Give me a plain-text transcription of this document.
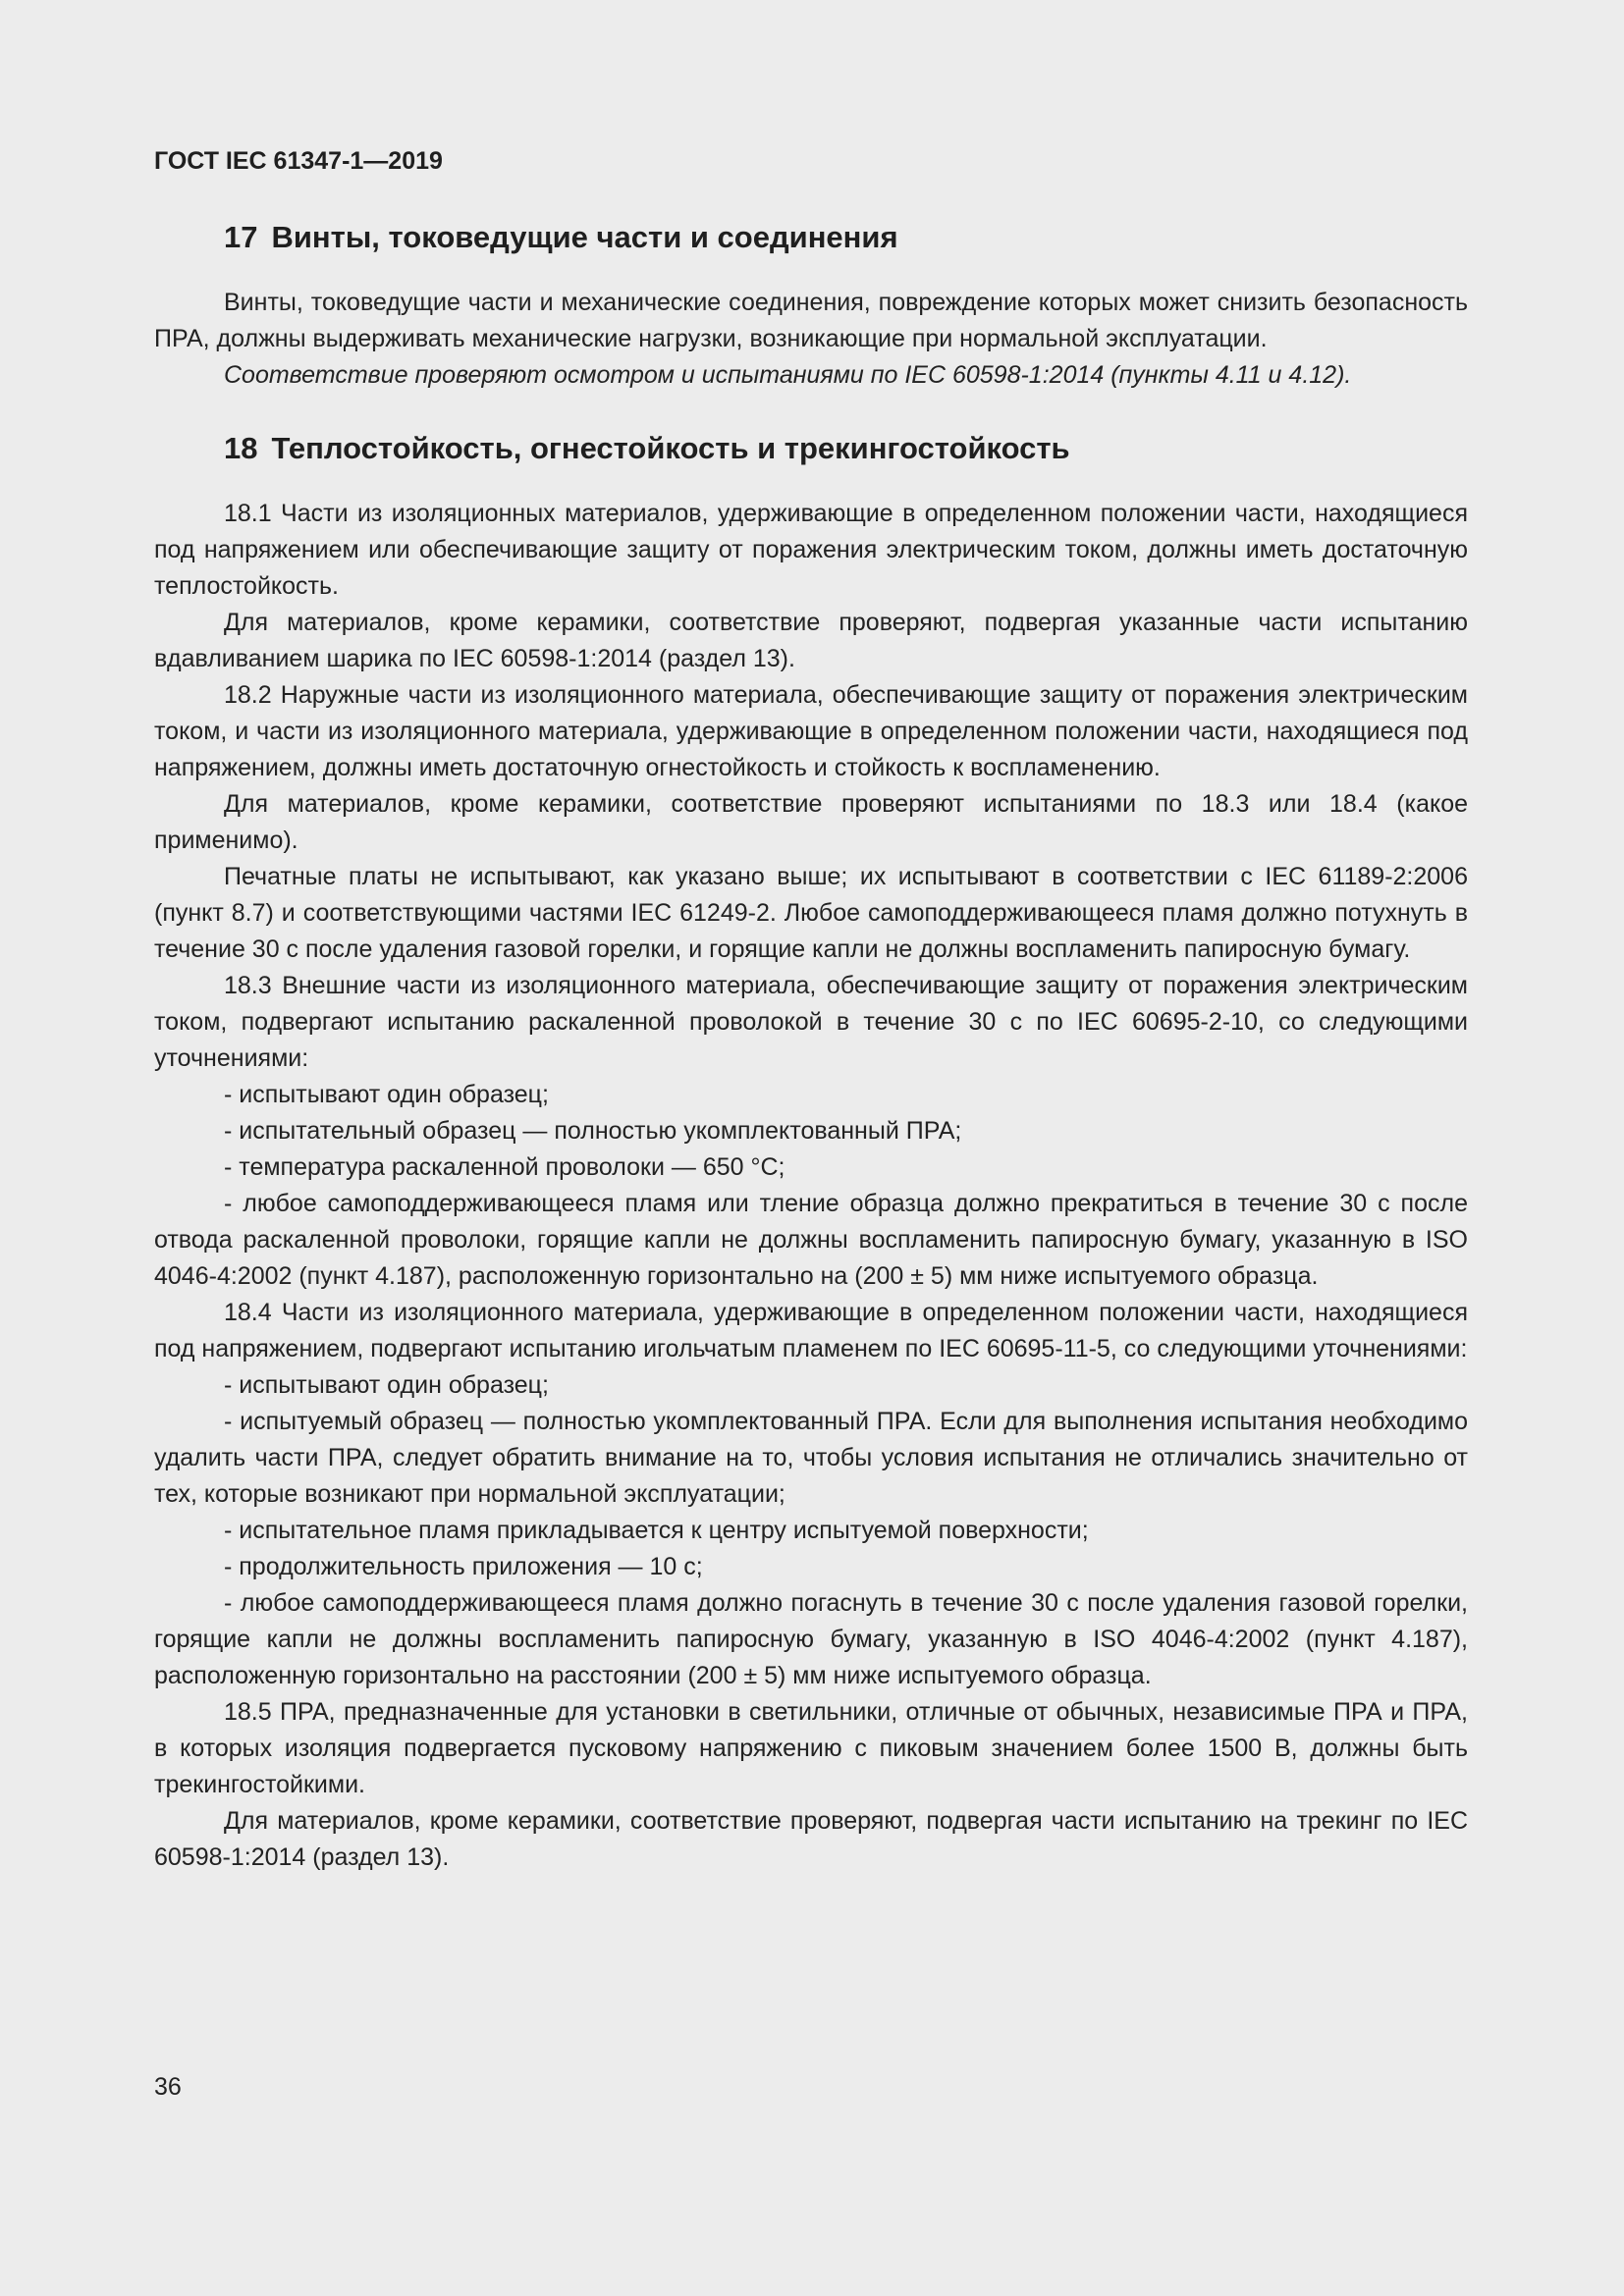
ГОСТ IEC 61347-1—2019
17 Винты, токоведущие части и соединения

Винты, токоведущие части и механические соединения, повреждение которых может снизить безопасность ПРА, должны выдерживать механические нагрузки, возникающие при нормальной эксплуатации.

Соответствие проверяют осмотром и испытаниями по IEC 60598-1:2014 (пункты 4.11 и 4.12).

18 Теплостойкость, огнестойкость и трекингостойкость

18.1 Части из изоляционных материалов, удерживающие в определенном положении части, находящиеся под напряжением или обеспечивающие защиту от поражения электрическим током, должны иметь достаточную теплостойкость.

Для материалов, кроме керамики, соответствие проверяют, подвергая указанные части испытанию вдавливанием шарика по IEC 60598-1:2014 (раздел 13).

18.2 Наружные части из изоляционного материала, обеспечивающие защиту от поражения электрическим током, и части из изоляционного материала, удерживающие в определенном положении части, находящиеся под напряжением, должны иметь достаточную огнестойкость и стойкость к воспламенению.

Для материалов, кроме керамики, соответствие проверяют испытаниями по 18.3 или 18.4 (какое применимо).

Печатные платы не испытывают, как указано выше; их испытывают в соответствии с IEC 61189-2:2006 (пункт 8.7) и соответствующими частями IEC 61249-2. Любое самоподдерживающееся пламя должно потухнуть в течение 30 с после удаления газовой горелки, и горящие капли не должны воспламенить папиросную бумагу.

18.3 Внешние части из изоляционного материала, обеспечивающие защиту от поражения электрическим током, подвергают испытанию раскаленной проволокой в течение 30 с по IEC 60695-2-10, со следующими уточнениями:

- испытывают один образец;

- испытательный образец — полностью укомплектованный ПРА;

- температура раскаленной проволоки — 650 °С;

- любое самоподдерживающееся пламя или тление образца должно прекратиться в течение 30 с после отвода раскаленной проволоки, горящие капли не должны воспламенить папиросную бумагу, указанную в ISO 4046-4:2002 (пункт 4.187), расположенную горизонтально на (200 ± 5) мм ниже испытуемого образца.

18.4 Части из изоляционного материала, удерживающие в определенном положении части, находящиеся под напряжением, подвергают испытанию игольчатым пламенем по IEC 60695-11-5, со следующими уточнениями:

- испытывают один образец;

- испытуемый образец — полностью укомплектованный ПРА. Если для выполнения испытания необходимо удалить части ПРА, следует обратить внимание на то, чтобы условия испытания не отличались значительно от тех, которые возникают при нормальной эксплуатации;

- испытательное пламя прикладывается к центру испытуемой поверхности;

- продолжительность приложения — 10 с;

- любое самоподдерживающееся пламя должно погаснуть в течение 30 с после удаления газовой горелки, горящие капли не должны воспламенить папиросную бумагу, указанную в ISO 4046-4:2002 (пункт 4.187), расположенную горизонтально на расстоянии (200 ± 5) мм ниже испытуемого образца.

18.5 ПРА, предназначенные для установки в светильники, отличные от обычных, независимые ПРА и ПРА, в которых изоляция подвергается пусковому напряжению с пиковым значением более 1500 В, должны быть трекингостойкими.

Для материалов, кроме керамики, соответствие проверяют, подвергая части испытанию на трекинг по IEC 60598-1:2014 (раздел 13).

36
